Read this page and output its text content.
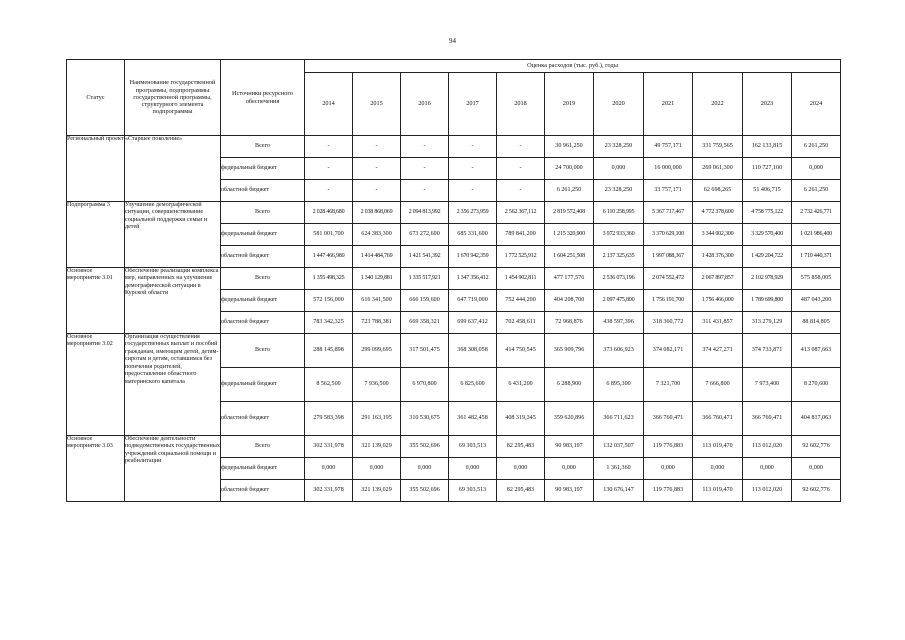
94
Статус	Наименование государственной программы, подпрограммы государственной программы, структурного элемента подпрограммы	Источники ресурсного обеспечения	Оценка расходов (тыс. руб.), годы										
			2014	2015	2016	2017	2018	2019	2020	2021	2022	2023	2024
Региональный проект	«Старшее поколение»	Всего	-	-	-	-	-	30 961,250	23 328,250	49 757,171	331 759,565	162 133,815	6 261,250
		федеральный бюджет	-	-	-	-	-	24 700,000	0,000	16 000,000	269 061,300	110 727,100	0,000
		областной бюджет	-	-	-	-	-	6 261,250	23 328,250	33 757,171	62 698,265	51 406,715	6 261,250
Подпрограмма 3	Улучшение демографической ситуации, совершенствование социальной поддержки семьи и детей	Всего	2 028 468,680	2 038 868,069	2 094 813,992	2 356 273,959	2 562 367,112	2 819 572,408	6 110 258,995	5 367 717,467	4 772 378,600	4 758 775,122	2 732 426,771
		федеральный бюджет	581 001,700	624 383,300	673 272,600	685 331,600	789 841,200	1 215 320,900	3 972 933,360	3 370 629,100	3 344 002,300	3 329 570,400	1 021 986,400
		областной бюджет	1 447 466,980	1 414 484,769	1 421 541,392	1 670 942,359	1 772 525,912	1 604 251,508	2 137 325,635	1 997 088,367	1 428 376,300	1 429 204,722	1 710 440,371
Основное мероприятие 3.01	Обеспечение реализации комплекса мер, направленных на улучшение демографической ситуации в Курской области	Всего	1 355 498,325	1 340 129,881	1 335 517,921	1 347 356,412	1 454 902,811	477 177,576	2 536 073,196	2 074 552,472	2 067 897,857	2 102 978,929	575 858,005
		федеральный бюджет	572 156,000	616 341,500	666 159,600	647 719,000	752 444,200	404 208,700	2 097 475,800	1 756 191,700	1 756 466,000	1 789 699,800	487 043,200
		областной бюджет	783 342,325	723 788,381	669 358,321	699 637,412	702 458,611	72 968,876	438 597,396	318 360,772	311 431,857	313 279,129	88 814,805
Основное мероприятие 3.02	Организация осуществления государственных выплат и пособий гражданам, имеющим детей, детям-сиротам и детям, оставшимся без попечения родителей, предоставление областного материнского капитала	Всего	288 145,898	299 099,695	317 501,475	368 308,058	414 750,545	365 909,796	373 606,923	374 082,171	374 427,271	374 733,871	413 087,663
		федеральный бюджет	8 562,500	7 936,500	6 970,800	6 825,600	6 431,200	6 288,900	6 895,300	7 321,700	7 666,800	7 973,400	8 270,600
		областной бюджет	279 583,398	291 163,195	310 530,675	361 482,458	408 319,345	359 620,896	366 711,623	366 760,471	366 760,471	366 760,471	404 817,063
Основное мероприятие 3.03	Обеспечение деятельности подведомственных государственных учреждений социальной помощи и реабилитации	Всего	302 331,978	321 139,029	355 502,696	69 303,513	82 295,483	90 983,197	132 037,507	119 776,883	113 019,470	113 012,020	92 602,776
		федеральный бюджет	0,000	0,000	0,000	0,000	0,000	0,000	1 361,360	0,000	0,000	0,000	0,000
		областной бюджет	302 331,978	321 139,029	355 502,696	69 303,513	82 295,483	90 983,197	130 676,147	119 776,883	113 019,470	113 012,020	92 602,776
